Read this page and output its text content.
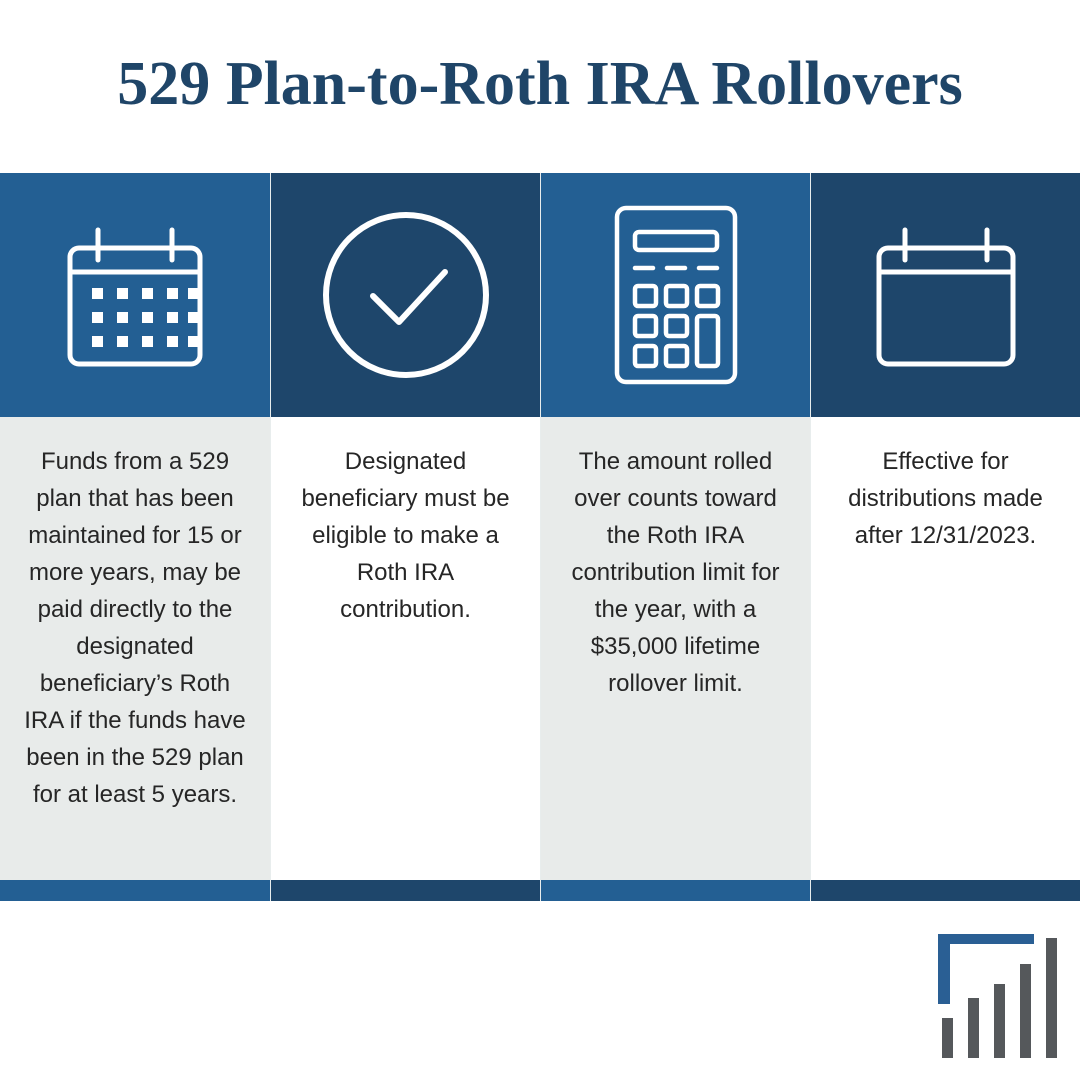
529 Plan-to-Roth IRA Rollovers
Funds from a 529 plan that has been maintained for 15 or more years, may be paid directly to the designated beneficiary’s Roth IRA if the funds have been in the 529 plan for at least 5 years.
Designated beneficiary must be eligible to make a Roth IRA contribution.
The amount rolled over counts toward the Roth IRA contribution limit for the year, with a $35,000 lifetime rollover limit.
Effective for distributions made after 12/31/2023.
